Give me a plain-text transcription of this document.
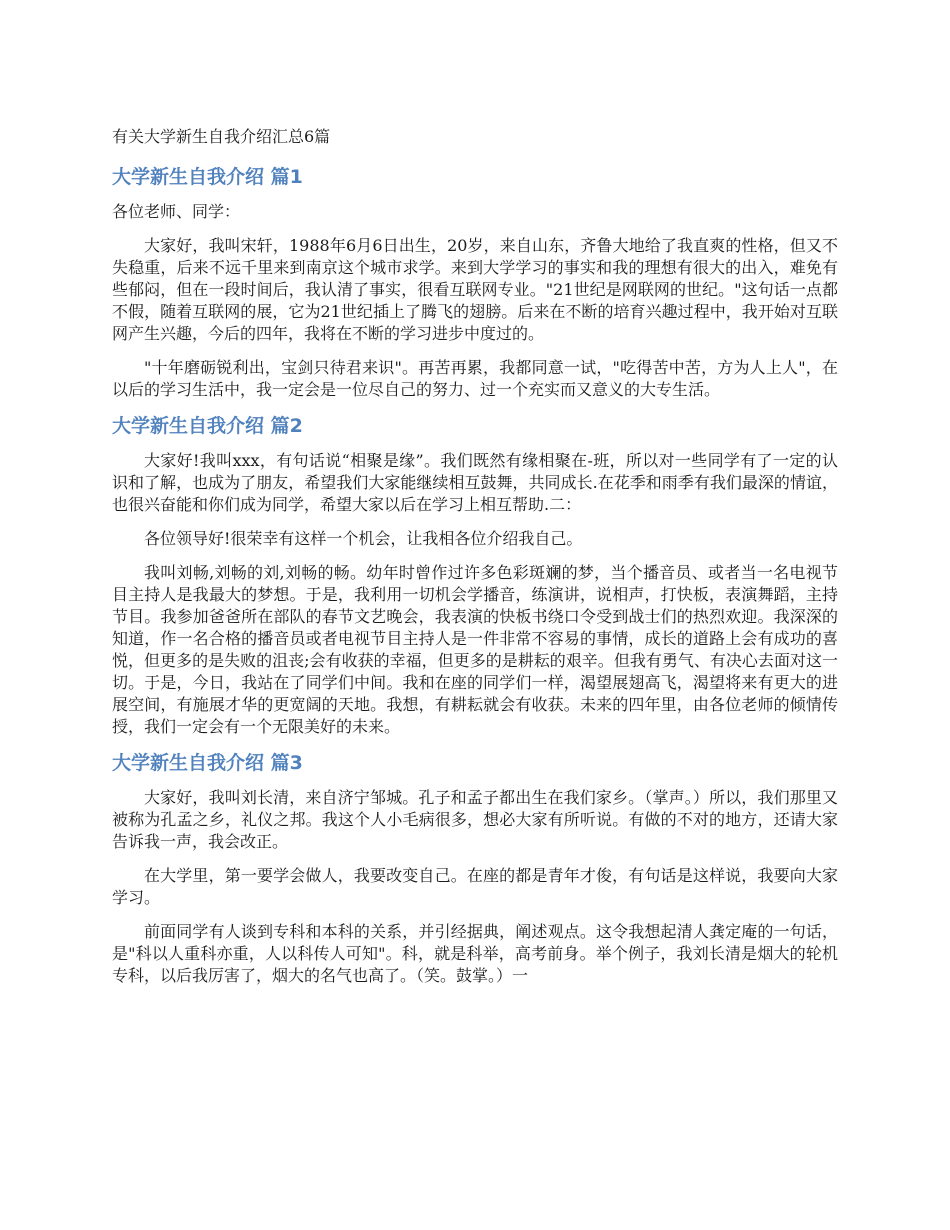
有关大学新生自我介绍汇总6篇
大学新生自我介绍 篇1

各位老师、同学：

大家好，我叫宋轩，1988年6月6日出生，20岁，来自山东，齐鲁大地给了我直爽的性格，但又不失稳重，后来不远千里来到南京这个城市求学。来到大学学习的事实和我的理想有很大的出入，难免有些郁闷，但在一段时间后，我认清了事实，很看互联网专业。"21世纪是网联网的世纪。"这句话一点都不假，随着互联网的展，它为21世纪插上了腾飞的翅膀。后来在不断的培育兴趣过程中，我开始对互联网产生兴趣，今后的四年，我将在不断的学习进步中度过的。

"十年磨砺锐利出，宝剑只待君来识"。再苦再累，我都同意一试，"吃得苦中苦，方为人上人"，在以后的学习生活中，我一定会是一位尽自己的努力、过一个充实而又意义的大专生活。

大学新生自我介绍 篇2

大家好!我叫xxx，有句话说“相聚是缘”。我们既然有缘相聚在-班，所以对一些同学有了一定的认识和了解，也成为了朋友，希望我们大家能继续相互鼓舞，共同成长.在花季和雨季有我们最深的情谊，也很兴奋能和你们成为同学，希望大家以后在学习上相互帮助.二：

各位领导好!很荣幸有这样一个机会，让我相各位介绍我自己。

我叫刘畅,刘畅的刘,刘畅的畅。幼年时曾作过许多色彩斑斓的梦，当个播音员、或者当一名电视节目主持人是我最大的梦想。于是，我利用一切机会学播音，练演讲，说相声，打快板，表演舞蹈，主持节目。我参加爸爸所在部队的春节文艺晚会，我表演的快板书绕口令受到战士们的热烈欢迎。我深深的知道，作一名合格的播音员或者电视节目主持人是一件非常不容易的事情，成长的道路上会有成功的喜悦，但更多的是失败的沮丧;会有收获的幸福，但更多的是耕耘的艰辛。但我有勇气、有决心去面对这一切。于是，今日，我站在了同学们中间。我和在座的同学们一样，渴望展翅高飞，渴望将来有更大的进展空间，有施展才华的更宽阔的天地。我想，有耕耘就会有收获。未来的四年里，由各位老师的倾情传授，我们一定会有一个无限美好的未来。

大学新生自我介绍 篇3

大家好，我叫刘长清，来自济宁邹城。孔子和孟子都出生在我们家乡。（掌声。）所以，我们那里又被称为孔孟之乡，礼仪之邦。我这个人小毛病很多，想必大家有所听说。有做的不对的地方，还请大家告诉我一声，我会改正。

在大学里，第一要学会做人，我要改变自己。在座的都是青年才俊，有句话是这样说，我要向大家学习。

前面同学有人谈到专科和本科的关系，并引经据典，阐述观点。这令我想起清人龚定庵的一句话，是"科以人重科亦重，人以科传人可知"。科，就是科举，高考前身。举个例子，我刘长清是烟大的轮机专科，以后我厉害了，烟大的名气也高了。（笑。鼓掌。）一
